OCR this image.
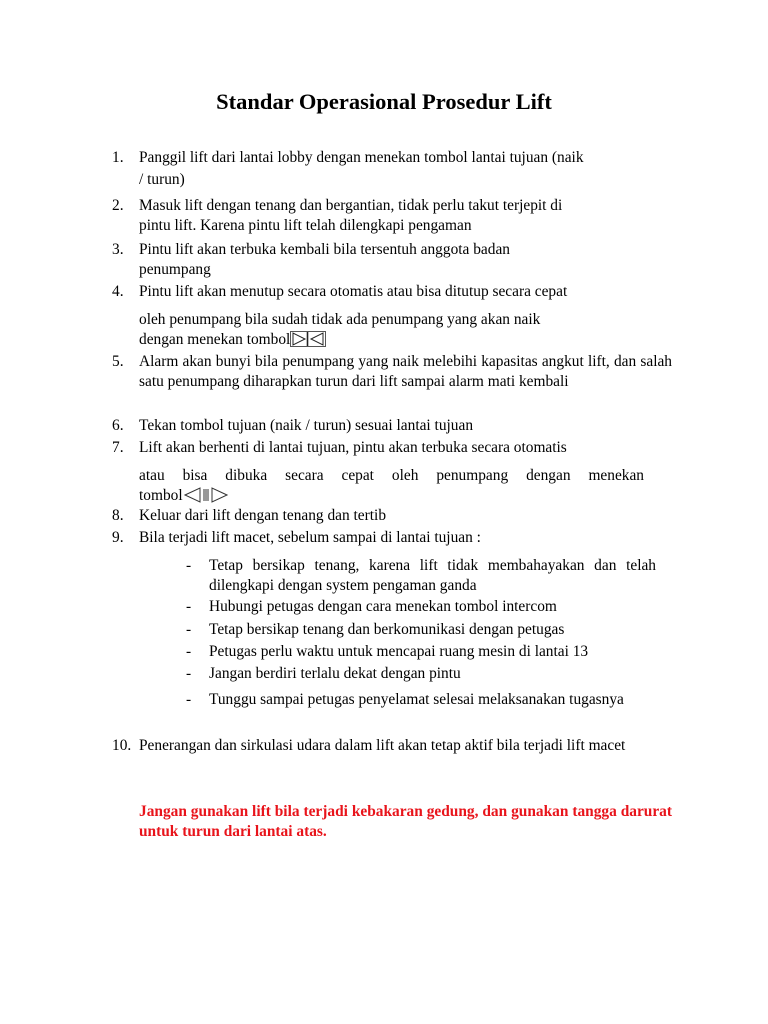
Standar Operasional Prosedur Lift
1. Panggil lift dari lantai lobby dengan menekan tombol lantai tujuan (naik
/ turun)
2. Masuk lift dengan tenang dan bergantian, tidak perlu takut terjepit di
pintu lift. Karena pintu lift telah dilengkapi pengaman
3. Pintu lift akan terbuka kembali bila tersentuh anggota badan
penumpang
4. Pintu lift akan menutup secara otomatis atau bisa ditutup secara cepat
oleh penumpang bila sudah tidak ada penumpang yang akan naik
dengan menekan tombol
5. Alarm akan bunyi bila penumpang yang naik melebihi kapasitas angkut lift, dan salah satu penumpang diharapkan turun dari lift sampai alarm mati kembali
6. Tekan tombol tujuan (naik / turun) sesuai lantai tujuan
7. Lift akan berhenti di lantai tujuan, pintu akan terbuka secara otomatis
atau bisa dibuka secara cepat oleh penumpang dengan menekan
tombol
8. Keluar dari lift dengan tenang dan tertib
9. Bila terjadi lift macet, sebelum sampai di lantai tujuan :
- Tetap bersikap tenang, karena lift tidak membahayakan dan telah dilengkapi dengan system pengaman ganda
- Hubungi petugas dengan cara menekan tombol intercom
- Tetap bersikap tenang dan berkomunikasi dengan petugas
- Petugas perlu waktu untuk mencapai ruang mesin di lantai 13
- Jangan berdiri terlalu dekat dengan pintu
- Tunggu sampai petugas penyelamat selesai melaksanakan tugasnya
10. Penerangan dan sirkulasi udara dalam lift akan tetap aktif bila terjadi lift macet
Jangan gunakan lift bila terjadi kebakaran gedung, dan gunakan tangga darurat untuk turun dari lantai atas.
